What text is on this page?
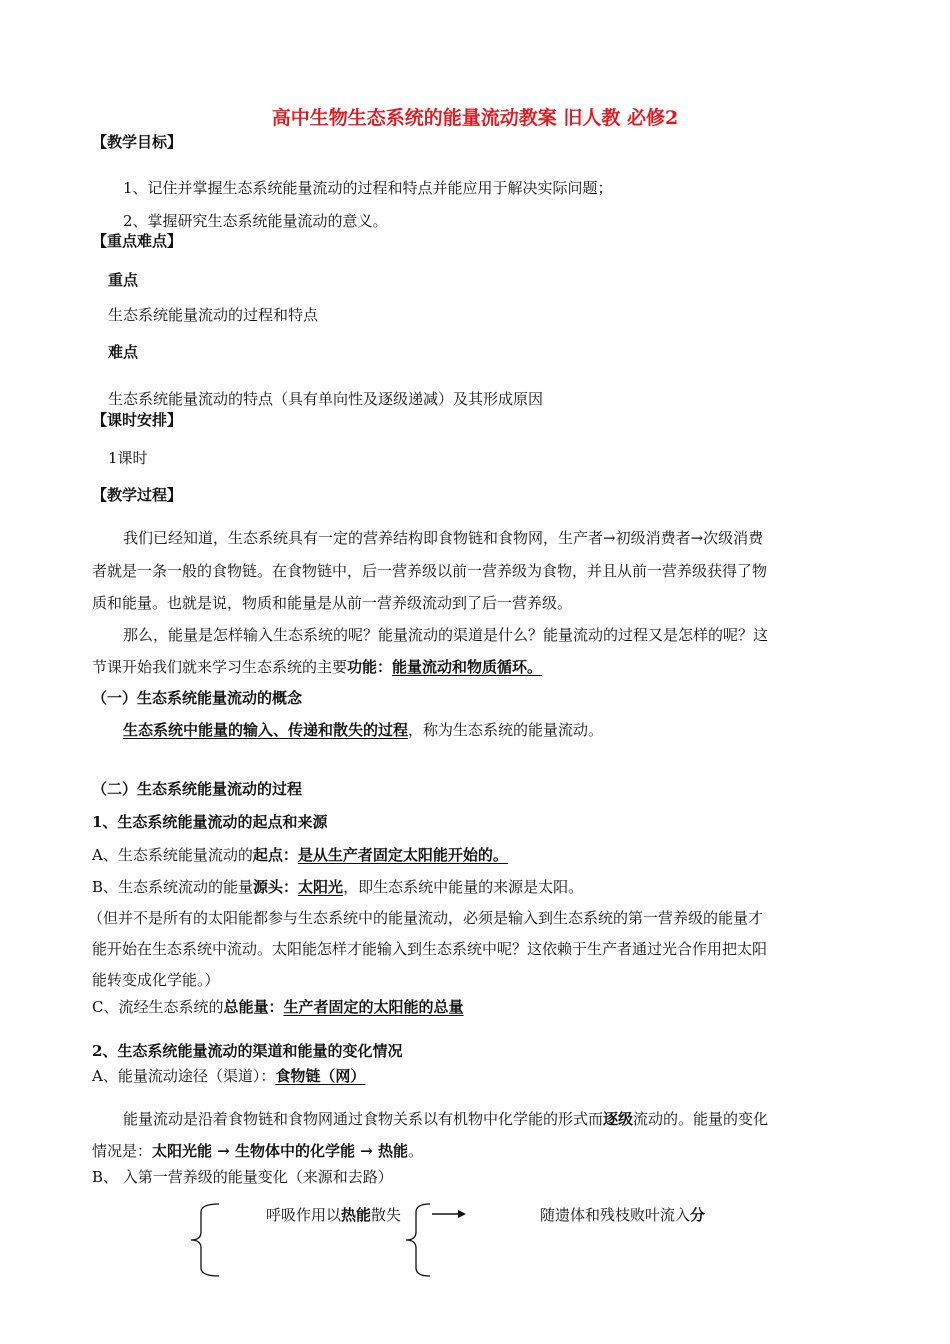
高中生物生态系统的能量流动教案 旧人教 必修2
【教学目标】
1、记住并掌握生态系统能量流动的过程和特点并能应用于解决实际问题；
2、掌握研究生态系统能量流动的意义。
【重点难点】
重点
生态系统能量流动的过程和特点
难点
生态系统能量流动的特点（具有单向性及逐级递减）及其形成原因
【课时安排】
1课时
【教学过程】
我们已经知道，生态系统具有一定的营养结构即食物链和食物网，生产者→初级消费者→次级消费
者就是一条一般的食物链。在食物链中，后一营养级以前一营养级为食物，并且从前一营养级获得了物
质和能量。也就是说，物质和能量是从前一营养级流动到了后一营养级。
那么，能量是怎样输入生态系统的呢？能量流动的渠道是什么？能量流动的过程又是怎样的呢？这
节课开始我们就来学习生态系统的主要功能：能量流动和物质循环。
（一）生态系统能量流动的概念
生态系统中能量的输入、传递和散失的过程，称为生态系统的能量流动。
（二）生态系统能量流动的过程
1、生态系统能量流动的起点和来源
A、生态系统能量流动的起点：是从生产者固定太阳能开始的。
B、生态系统流动的能量源头：太阳光，即生态系统中能量的来源是太阳。
（但并不是所有的太阳能都参与生态系统中的能量流动，必须是输入到生态系统的第一营养级的能量才
能开始在生态系统中流动。太阳能怎样才能输入到生态系统中呢？这依赖于生产者通过光合作用把太阳
能转变成化学能。）
C、流经生态系统的总能量：生产者固定的太阳能的总量
2、生态系统能量流动的渠道和能量的变化情况
A、能量流动途径（渠道）：食物链（网）
能量流动是沿着食物链和食物网通过食物关系以有机物中化学能的形式而逐级流动的。能量的变化
情况是：太阳光能 → 生物体中的化学能 → 热能。
B、 入第一营养级的能量变化（来源和去路）
呼吸作用以热能散失	随遗体和残枝败叶流入分
